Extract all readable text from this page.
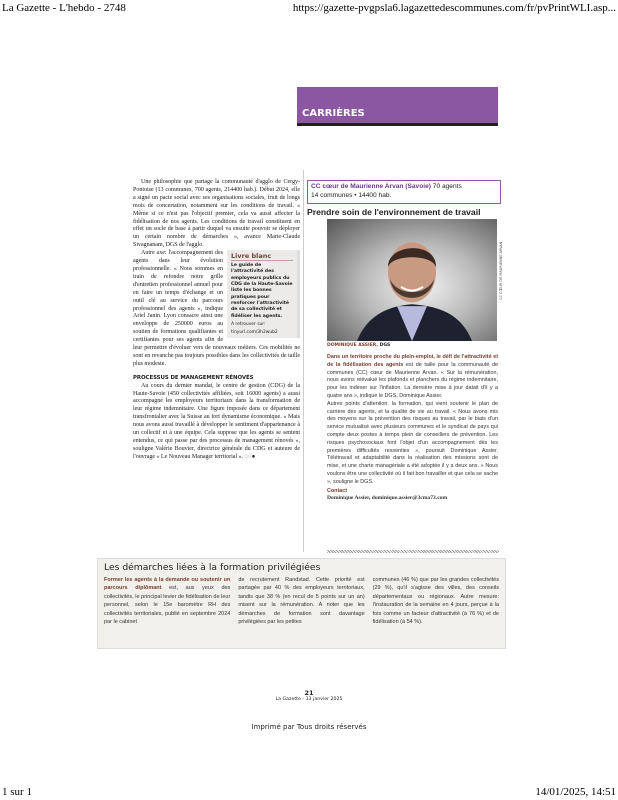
La Gazette - L'hebdo - 2748	https://gazette-pvgpsla6.lagazettedescommunes.com/fr/pvPrintWLI.asp...
CARRIÈRES

Une philosophie que partage la communauté d'agglo de Cergy-Pontoise (13 communes, 700 agents, 214400 hab.). Début 2024, elle a signé un pacte social avec ses organisations sociales, fruit de longs mois de concertation, notamment sur les conditions de travail. « Même si ce n'est pas l'objectif premier, cela va aussi affecter la fidélisation de nos agents. Les conditions de travail constituent en effet un socle de base à partir duquel va ensuite pouvoir se déployer un certain nombre de démarches », avance Marie-Claude Sivagnanam, DGS de l'agglo.

Livre blanc
Le guide de l'attractivité des employeurs publics du CDG de la Haute-Savoie liste les bonnes pratiques pour renforcer l'attractivité de sa collectivité et fidéliser les agents.
A retrouver sur:
tinyurl.com/3h2wub2

Autre axe: l'accompagnement des agents dans leur évolution professionnelle. « Nous sommes en train de refondre notre grille d'entretien professionnel annuel pour en faire un temps d'échange et un outil clé au service du parcours professionnel des agents », indique Ariel Janin. Lyon consacre ainsi une enveloppe de 250000 euros au soutien de formations qualifiantes et certifiantes pour ses agents afin de leur permettre d'évoluer vers de nouveaux métiers. Ces mobilités ne sont en revanche pas toujours possibles dans les collectivités de taille plus modeste.

PROCESSUS DE MANAGEMENT RÉNOVÉS

Au cours du dernier mandat, le centre de gestion (CDG) de la Haute-Savoie (450 collectivités affiliées, soit 16000 agents) a aussi accompagné les employeurs territoriaux dans la transformation de leur régime indemnitaire. Une figure imposée dans ce département transfrontalier avec la Suisse au fort dynamisme économique. « Mais nous avons aussi travaillé à développer le sentiment d'appartenance à un collectif et à une équipe. Cela suppose que les agents se sentent entendus, ce qui passe par des processus de management rénovés », souligne Valérie Bouvier, directrice générale du CDG et auteure de l'ouvrage « Le Nouveau Manager territorial ». ◌◌●

CC cœur de Maurienne Arvan (Savoie) 70 agents
14 communes • 14400 hab.
Prendre soin de l'environnement de travail
CC CŒUR DE MAURIENNE ARVAN
DOMINIQUE ASSIER, DGS

Dans un territoire proche du plein-emploi, le défi de l'attractivité et de la fidélisation des agents est de taille pour la communauté de communes (CC) cœur de Maurienne Arvan. « Sur la rémunération, nous avons réévalué les plafonds et planchers du régime indemnitaire, pour les indexer sur l'inflation. La dernière mise à jour datait d'il y a quatre ans », indique le DGS, Dominique Assier.

Autres points d'attention: la formation, qui vient soutenir le plan de carrière des agents, et la qualité de vie au travail. « Nous avons mis des moyens sur la prévention des risques au travail, par le biais d'un service mutualisé avec plusieurs communes et le syndicat de pays qui compte deux postes à temps plein de conseillers de prévention. Les risques psychosociaux font l'objet d'un accompagnement dès les premières difficultés ressenties », poursuit Dominique Assier. Télétravail et adaptabilité dans la réalisation des missions sont de mise, et une charte managériale a été adoptée il y a deux ans. « Nous voulons être une collectivité où il fait bon travailler et que cela se sache », souligne le DGS.

Contact

Dominique Assier, dominique.assier@3cma73.com

Les démarches liées à la formation privilégiées
Former les agents à la demande ou soutenir un parcours diplômant est, aux yeux des collectivités, le principal levier de fidélisation de leur personnel, selon le 15e baromètre RH des collectivités territoriales, publié en septembre 2024 par le cabinet
de recrutement Randstad. Cette priorité est partagée par 40 % des employeurs territoriaux, tandis que 38 % (en recul de 5 points sur un an) misent sur la rémunération. A noter que les démarches de formation sont davantage privilégiées par les petites
communes (46 %) que par les grandes collectivités (29 %), qu'il s'agisse des villes, des conseils départementaux ou régionaux. Autre mesure: l'instauration de la semaine en 4 jours, perçue à la fois comme un facteur d'attractivité (à 76 %) et de fidélisation (à 54 %).
21
La Gazette - 13 janvier 2025
Imprimé par Tous droits réservés
1 sur 1	14/01/2025, 14:51
